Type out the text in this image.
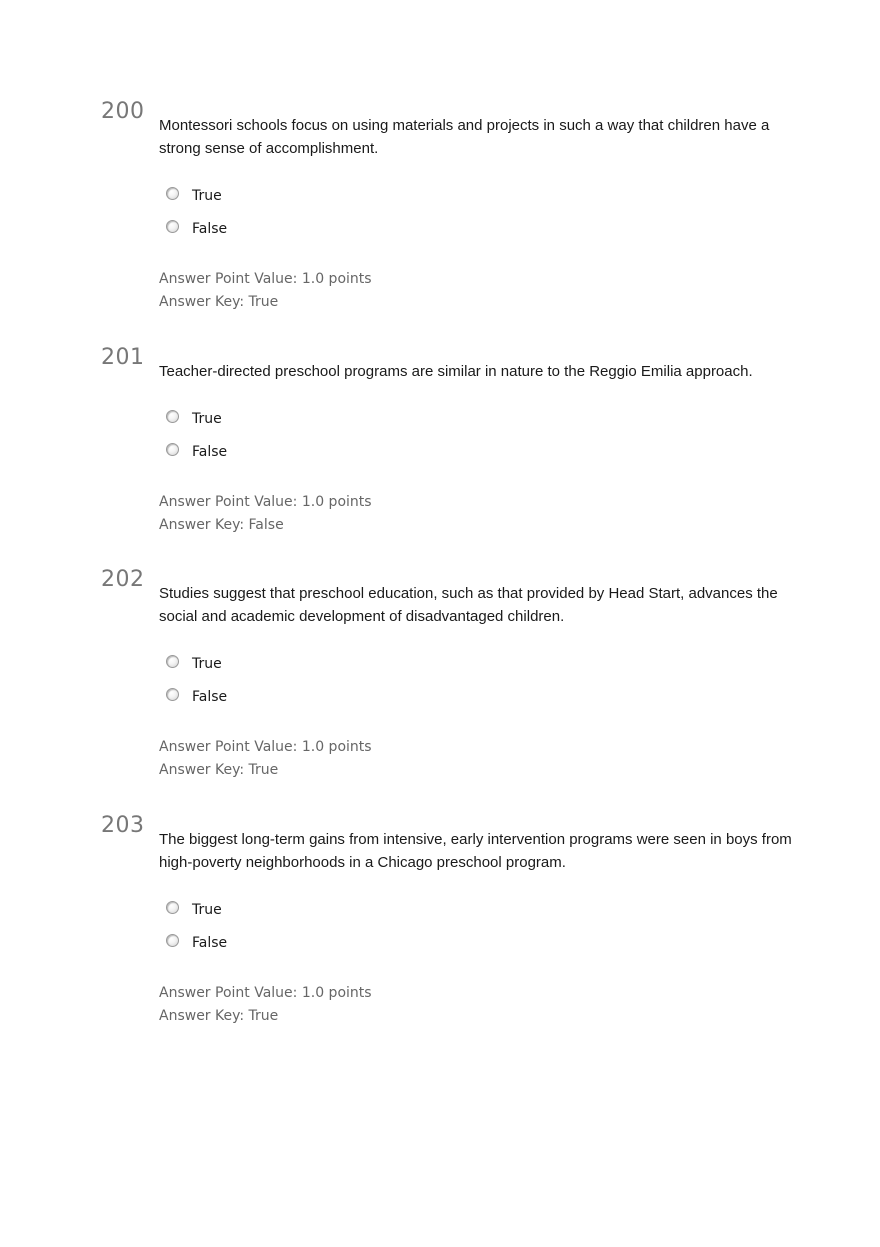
200
Montessori schools focus on using materials and projects in such a way that children have a strong sense of accomplishment.
True
False
Answer Point Value: 1.0 points
Answer Key: True
201
Teacher-directed preschool programs are similar in nature to the Reggio Emilia approach.
True
False
Answer Point Value: 1.0 points
Answer Key: False
202
Studies suggest that preschool education, such as that provided by Head Start, advances the social and academic development of disadvantaged children.
True
False
Answer Point Value: 1.0 points
Answer Key: True
203
The biggest long-term gains from intensive, early intervention programs were seen in boys from high-poverty neighborhoods in a Chicago preschool program.
True
False
Answer Point Value: 1.0 points
Answer Key: True
